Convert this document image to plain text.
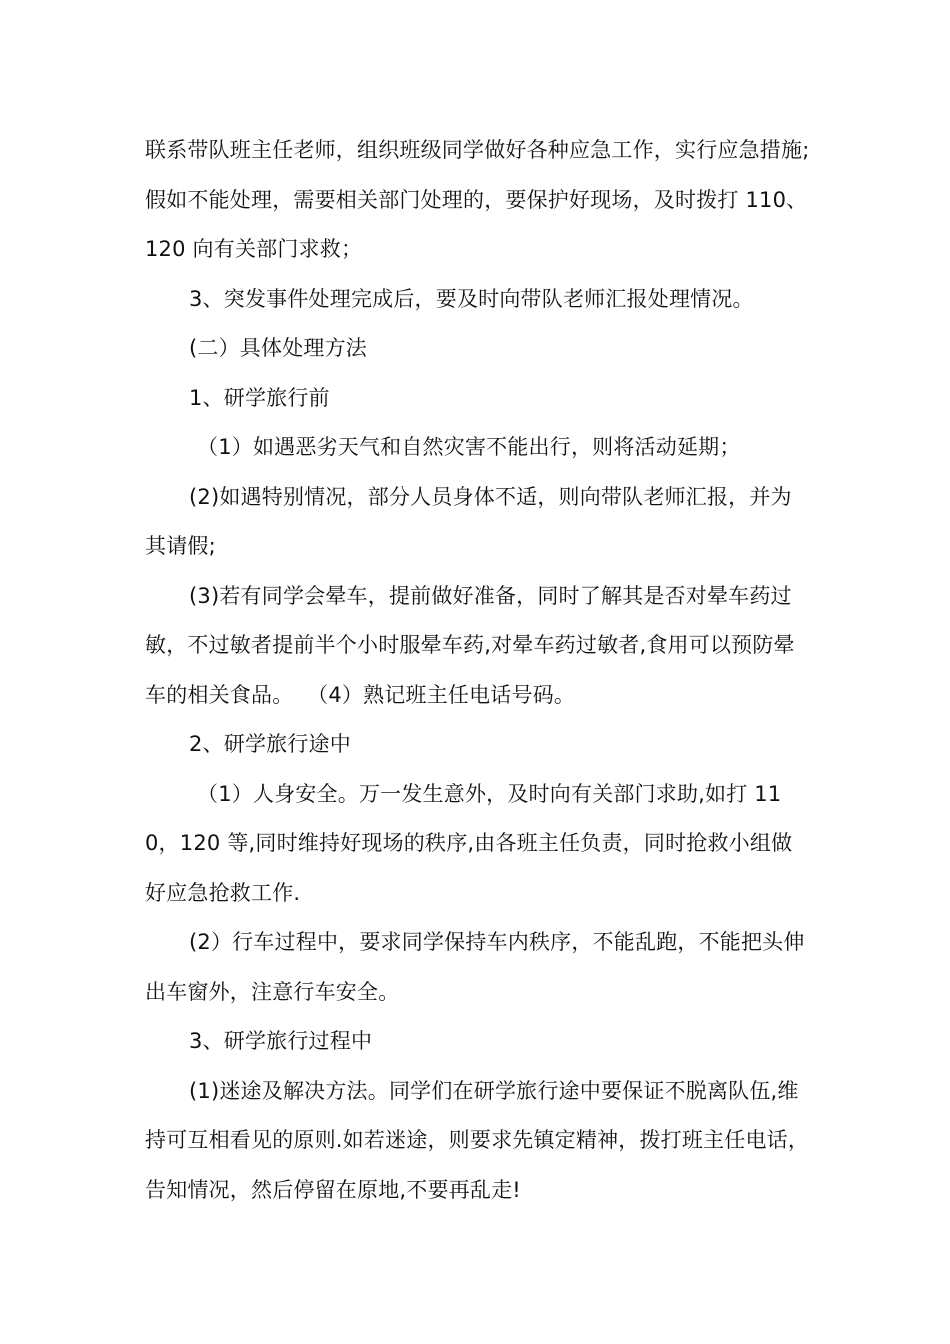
联系带队班主任老师，组织班级同学做好各种应急工作，实行应急措施;假如不能处理，需要相关部门处理的，要保护好现场，及时拨打 110、120 向有关部门求救；

3、突发事件处理完成后，要及时向带队老师汇报处理情况。

(二）具体处理方法

1、研学旅行前

（1）如遇恶劣天气和自然灾害不能出行，则将活动延期；

(2)如遇特别情况，部分人员身体不适，则向带队老师汇报，并为其请假;

(3)若有同学会晕车，提前做好准备，同时了解其是否对晕车药过敏，不过敏者提前半个小时服晕车药,对晕车药过敏者,食用可以预防晕车的相关食品。  （4）熟记班主任电话号码。

2、研学旅行途中

（1）人身安全。万一发生意外，及时向有关部门求助,如打 110，120 等,同时维持好现场的秩序,由各班主任负责，同时抢救小组做好应急抢救工作.

(2）行车过程中，要求同学保持车内秩序，不能乱跑，不能把头伸出车窗外，注意行车安全。

3、研学旅行过程中

(1)迷途及解决方法。同学们在研学旅行途中要保证不脱离队伍,维持可互相看见的原则.如若迷途，则要求先镇定精神，拨打班主任电话，告知情况，然后停留在原地,不要再乱走!
